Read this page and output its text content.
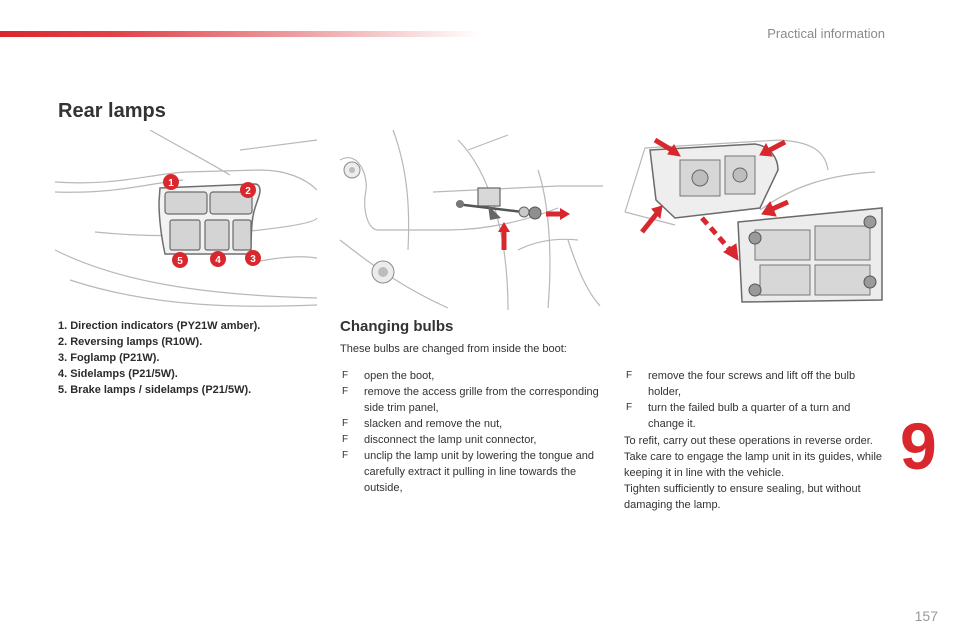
Practical information
Rear lamps
1
2
3
4
5
1. Direction indicators (PY21W amber).
2. Reversing lamps (R10W).
3. Foglamp (P21W).
4. Sidelamps (P21/5W).
5. Brake lamps / sidelamps (P21/5W).
Changing bulbs
These bulbs are changed from inside the boot:
F open the boot,
F remove the access grille from the corresponding side trim panel,
F slacken and remove the nut,
F disconnect the lamp unit connector,
F unclip the lamp unit by lowering the tongue and carefully extract it pulling in line towards the outside,
F remove the four screws and lift off the bulb holder,
F turn the failed bulb a quarter of a turn and change it.

To refit, carry out these operations in reverse order.
Take care to engage the lamp unit in its guides, while keeping it in line with the vehicle.
Tighten sufficiently to ensure sealing, but without damaging the lamp.

9
157
